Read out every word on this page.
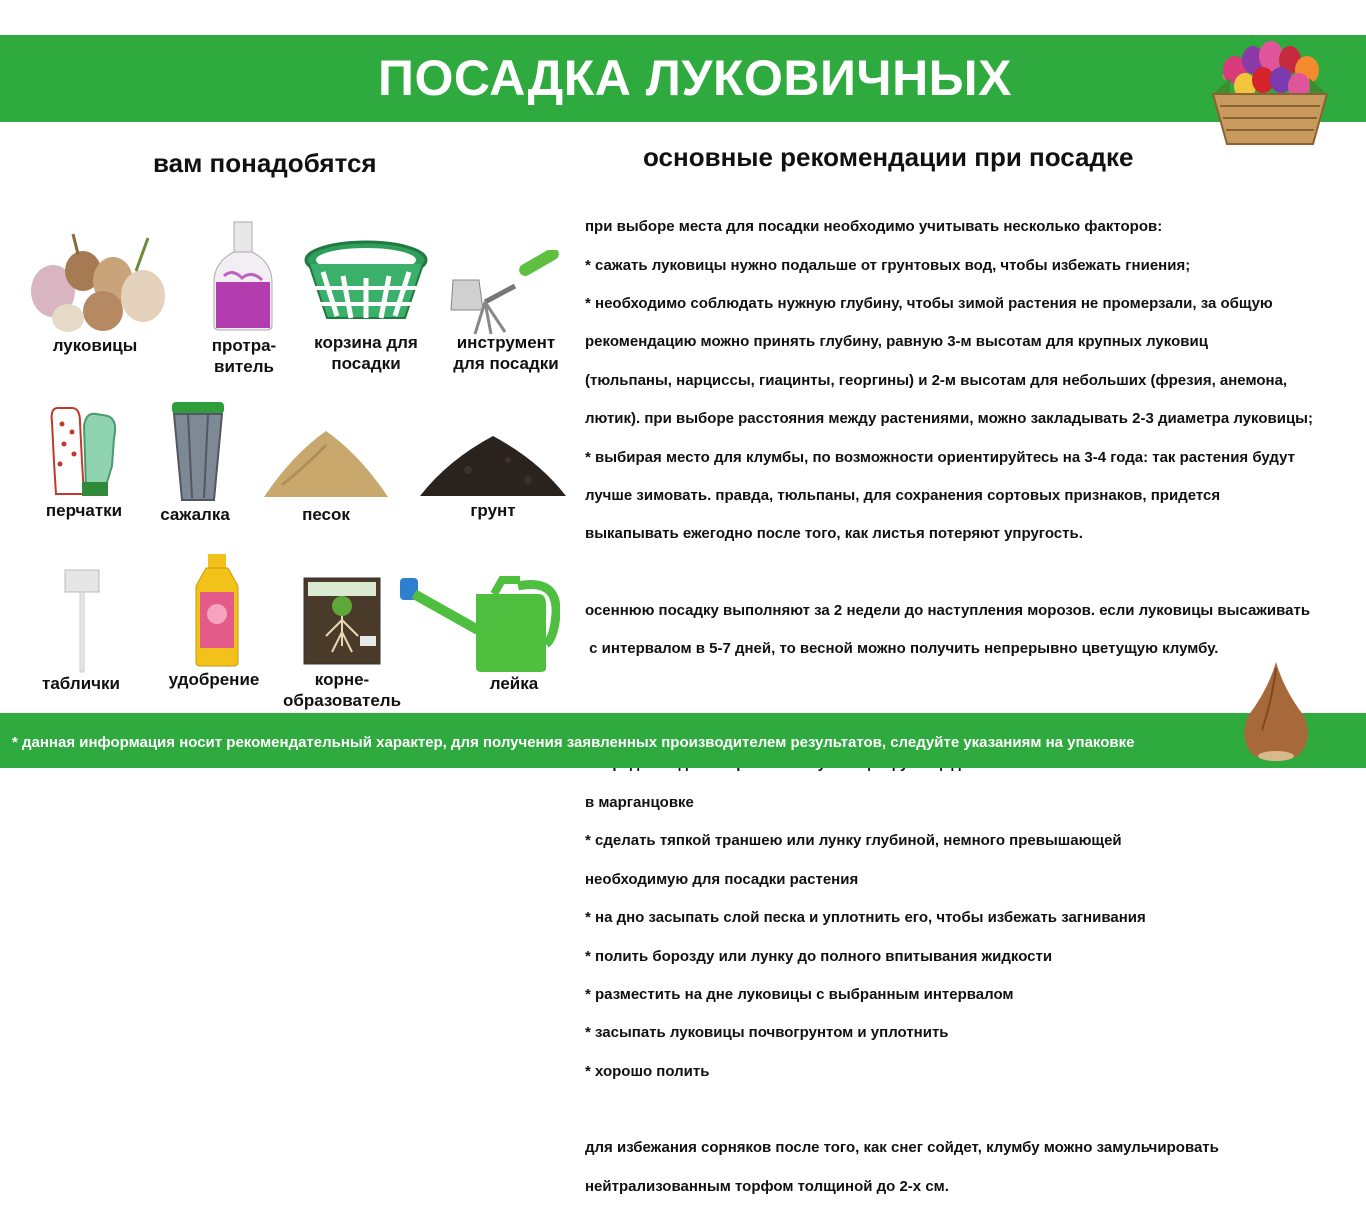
ПОСАДКА ЛУКОВИЧНЫХ
вам понадобятся	основные рекомендации при посадке
луковицы	протра-
витель
корзина для
посадки
инструмент
для посадки
перчатки	сажалка	песок	грунт
таблички	удобрение	корне-
образователь
лейка

при выборе места для посадки необходимо учитывать несколько факторов:

* сажать луковицы нужно подальше от грунтовых вод, чтобы избежать гниения;

* необходимо соблюдать нужную глубину, чтобы зимой растения не промерзали, за общую

рекомендацию можно принять глубину, равную 3-м высотам для крупных луковиц

(тюльпаны, нарциссы, гиацинты, георгины) и 2-м высотам для небольших (фрезия, анемона,

лютик). при выборе расстояния между растениями, можно закладывать 2-3 диаметра луковицы;

* выбирая место для клумбы, по возможности ориентируйтесь на 3-4 года: так растения будут

лучше зимовать. правда, тюльпаны, для сохранения сортовых признаков, придется

выкапывать ежегодно после того, как листья потеряют упругость.

осеннюю посадку выполняют за 2 недели до наступления морозов. если луковицы высаживать

с интервалом в 5-7 дней, то весной можно получить непрерывно цветущую клумбу.

в марганцовке

* сделать тяпкой траншею или лунку глубиной, немного превышающей

необходимую для посадки растения

* на дно засыпать слой песка и уплотнить его, чтобы избежать загнивания

* полить борозду или лунку до полного впитывания жидкости

* разместить на дне луковицы с выбранным интервалом

* засыпать луковицы почвогрунтом и уплотнить

* хорошо полить

для избежания сорняков после того, как снег сойдет, клумбу можно замульчировать

нейтрализованным торфом толщиной до 2-х см.

* данная информация носит рекомендательный характер, для получения заявленных производителем результатов, следуйте указаниям на упаковке
